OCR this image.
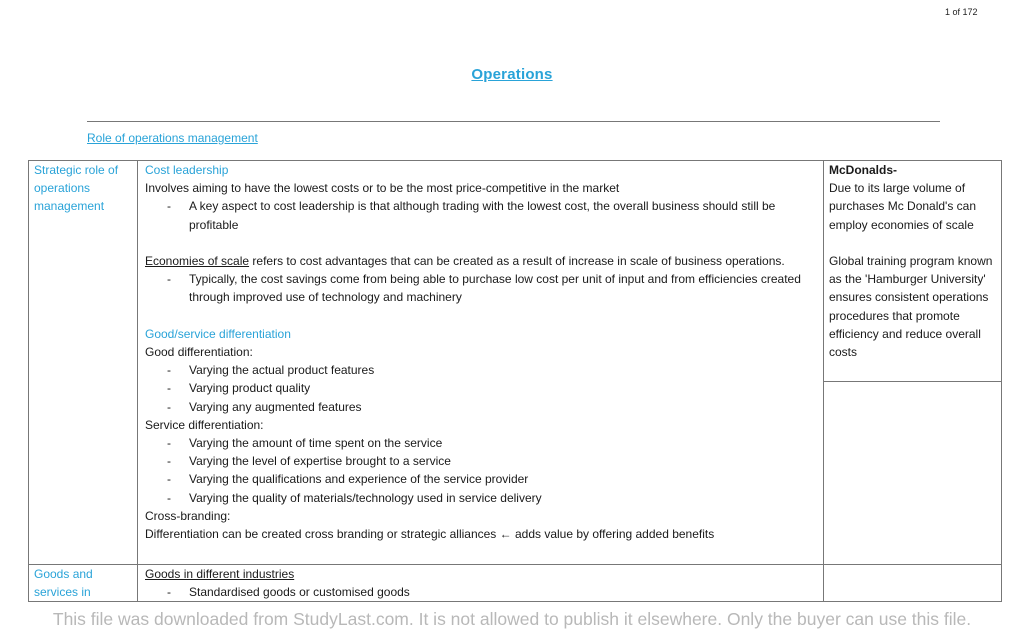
1 of 172
Operations
Role of operations management
Strategic role of operations management
Cost leadership
Involves aiming to have the lowest costs or to be the most price-competitive in the market
- A key aspect to cost leadership is that although trading with the lowest cost, the overall business should still be profitable
Economies of scale refers to cost advantages that can be created as a result of increase in scale of business operations.
- Typically, the cost savings come from being able to purchase low cost per unit of input and from efficiencies created through improved use of technology and machinery
Good/service differentiation
Good differentiation:
- Varying the actual product features
- Varying product quality
- Varying any augmented features
Service differentiation:
- Varying the amount of time spent on the service
- Varying the level of expertise brought to a service
- Varying the qualifications and experience of the service provider
- Varying the quality of materials/technology used in service delivery
Cross-branding:
Differentiation can be created cross branding or strategic alliances ← adds value by offering added benefits
McDonalds-
Due to its large volume of purchases Mc Donald's can employ economies of scale
Global training program known as the 'Hamburger University' ensures consistent operations procedures that promote efficiency and reduce overall costs
Goods and services in
Goods in different industries
- Standardised goods or customised goods
This file was downloaded from StudyLast.com. It is not allowed to publish it elsewhere. Only the buyer can use this file.
